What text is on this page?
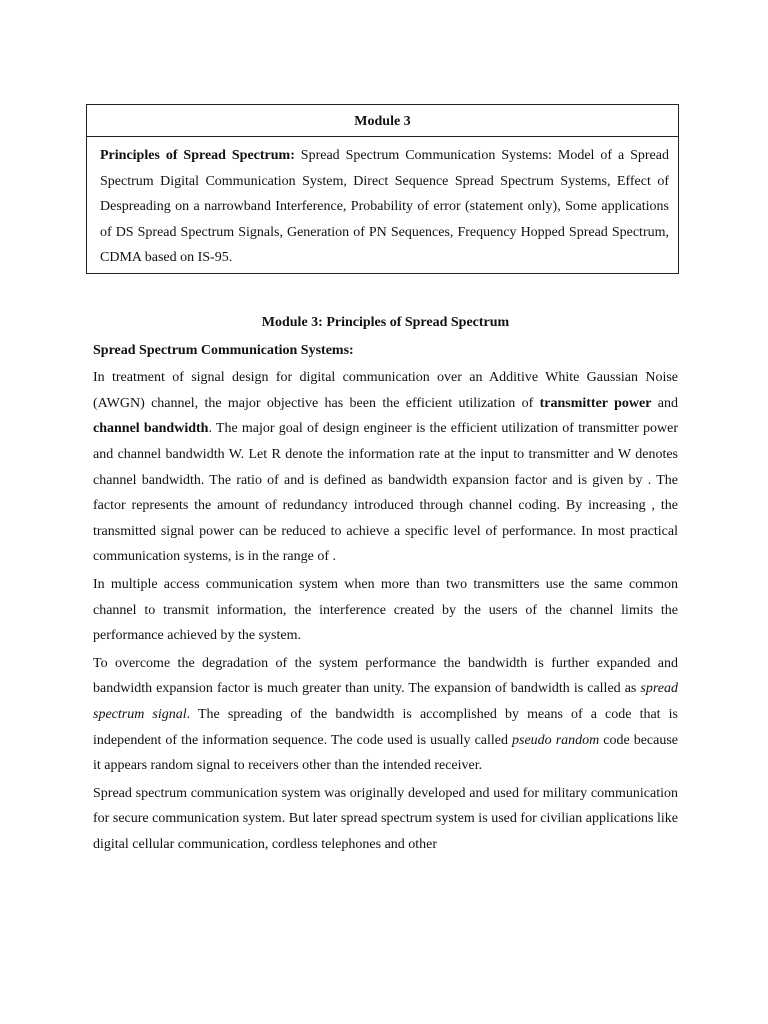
Module 3
Principles of Spread Spectrum: Spread Spectrum Communication Systems: Model of a Spread Spectrum Digital Communication System, Direct Sequence Spread Spectrum Systems, Effect of Despreading on a narrowband Interference, Probability of error (statement only), Some applications of DS Spread Spectrum Signals, Generation of PN Sequences, Frequency Hopped Spread Spectrum, CDMA based on IS-95.

Module 3: Principles of Spread Spectrum

Spread Spectrum Communication Systems:

In treatment of signal design for digital communication over an Additive White Gaussian Noise (AWGN) channel, the major objective has been the efficient utilization of transmitter power and channel bandwidth. The major goal of design engineer is the efficient utilization of transmitter power and channel bandwidth W. Let R denote the information rate at the input to transmitter and W denotes channel bandwidth. The ratio of and is defined as bandwidth expansion factor and is given by . The factor represents the amount of redundancy introduced through channel coding. By increasing , the transmitted signal power can be reduced to achieve a specific level of performance. In most practical communication systems, is in the range of .

In multiple access communication system when more than two transmitters use the same common channel to transmit information, the interference created by the users of the channel limits the performance achieved by the system.

To overcome the degradation of the system performance the bandwidth is further expanded and bandwidth expansion factor is much greater than unity. The expansion of bandwidth is called as spread spectrum signal. The spreading of the bandwidth is accomplished by means of a code that is independent of the information sequence. The code used is usually called pseudo random code because it appears random signal to receivers other than the intended receiver.

Spread spectrum communication system was originally developed and used for military communication for secure communication system. But later spread spectrum system is used for civilian applications like digital cellular communication, cordless telephones and other
